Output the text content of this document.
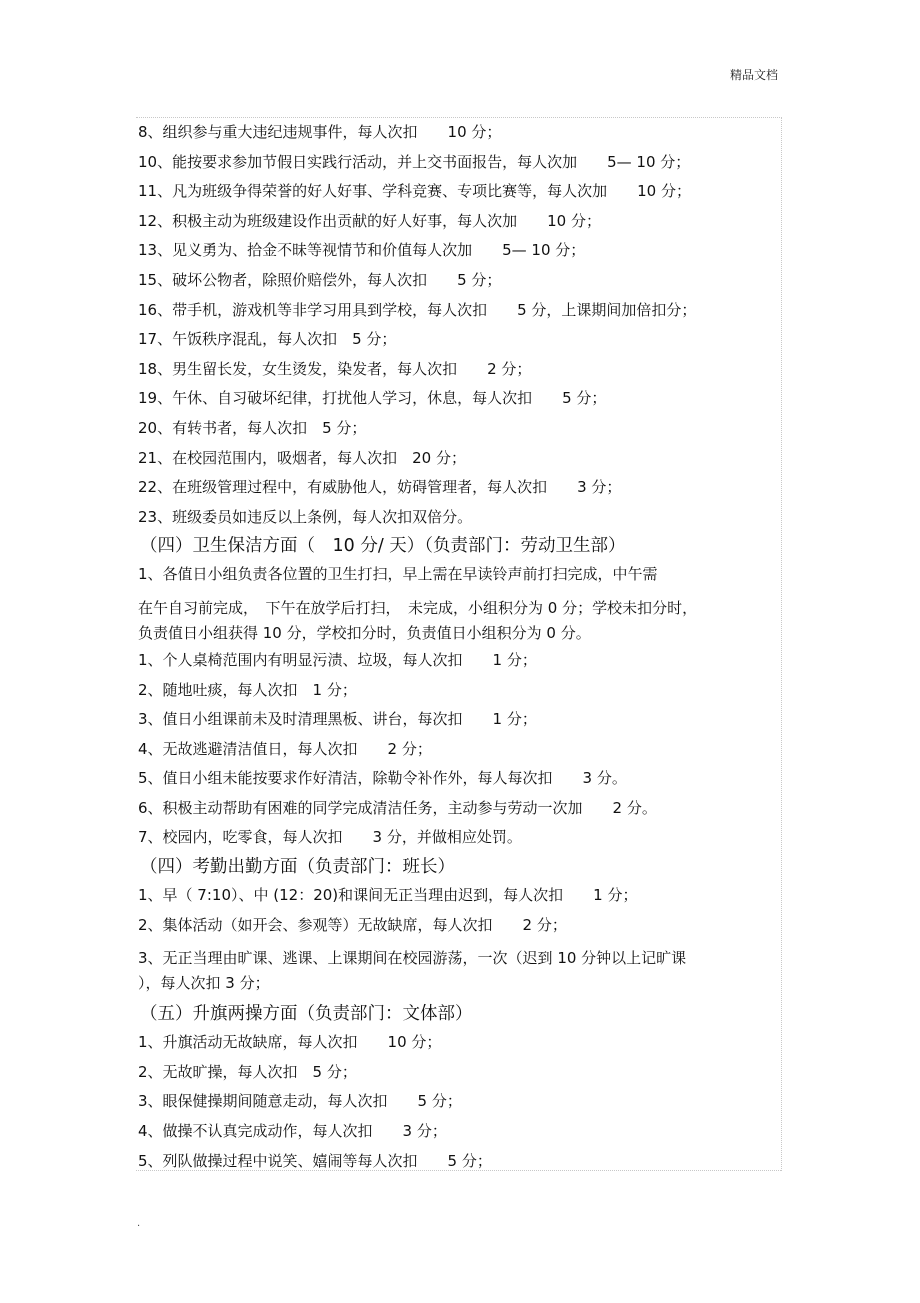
精品文档
8、组织参与重大违纪违规事件，每人次扣　　10 分；
10、能按要求参加节假日实践行活动，并上交书面报告，每人次加　　5— 10 分；
11、凡为班级争得荣誉的好人好事、学科竞赛、专项比赛等，每人次加　　10 分；
12、积极主动为班级建设作出贡献的好人好事，每人次加　　10 分；
13、见义勇为、拾金不昧等视情节和价值每人次加　　5— 10 分；
15、破坏公物者，除照价赔偿外，每人次扣　　5 分；
16、带手机，游戏机等非学习用具到学校，每人次扣　　5 分，上课期间加倍扣分；
17、午饭秩序混乱，每人次扣　5 分；
18、男生留长发，女生烫发，染发者，每人次扣　　2 分；
19、午休、自习破坏纪律，打扰他人学习，休息，每人次扣　　5 分；
20、有转书者，每人次扣　5 分；
21、在校园范围内，吸烟者，每人次扣　20 分；
22、在班级管理过程中，有威胁他人，妨碍管理者，每人次扣　　3 分；
23、班级委员如违反以上条例，每人次扣双倍分。
（四）卫生保洁方面（　10 分/ 天）（负责部门：劳动卫生部）
1、各值日小组负责各位置的卫生打扫，早上需在早读铃声前打扫完成，中午需
在午自习前完成，　下午在放学后打扫，　未完成，小组积分为 0 分；学校未扣分时，
负责值日小组获得 10 分，学校扣分时，负责值日小组积分为 0 分。
1、个人桌椅范围内有明显污渍、垃圾，每人次扣　　1 分；
2、随地吐痰，每人次扣　1 分；
3、值日小组课前未及时清理黑板、讲台，每次扣　　1 分；
4、无故逃避清洁值日，每人次扣　　2 分；
5、值日小组未能按要求作好清洁，除勒令补作外，每人每次扣　　3 分。
6、积极主动帮助有困难的同学完成清洁任务，主动参与劳动一次加　　2 分。
7、校园内，吃零食，每人次扣　　3 分，并做相应处罚。
（四）考勤出勤方面（负责部门：班长）
1、早（ 7:10）、中 (12：20)和课间无正当理由迟到，每人次扣　　1 分；
2、集体活动（如开会、参观等）无故缺席，每人次扣　　2 分；
3、无正当理由旷课、逃课、上课期间在校园游荡，一次（迟到 10 分钟以上记旷课
），每人次扣 3 分；
（五）升旗两操方面（负责部门：文体部）
1、升旗活动无故缺席，每人次扣　　10 分；
2、无故旷操，每人次扣　5 分；
3、眼保健操期间随意走动，每人次扣　　5 分；
4、做操不认真完成动作，每人次扣　　3 分；
5、列队做操过程中说笑、嬉闹等每人次扣　　5 分；
.
